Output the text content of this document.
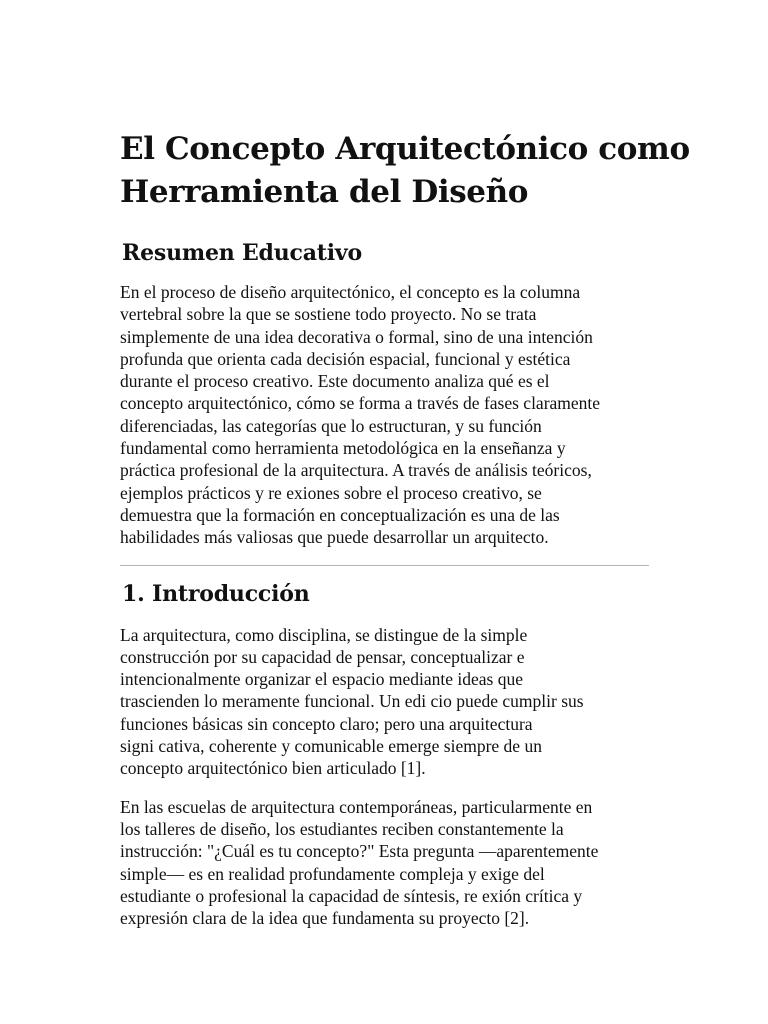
El Concepto Arquitectónico como
Herramienta del Diseño
Resumen Educativo

En el proceso de diseño arquitectónico, el concepto es la columna
vertebral sobre la que se sostiene todo proyecto. No se trata
simplemente de una idea decorativa o formal, sino de una intención
profunda que orienta cada decisión espacial, funcional y estética
durante el proceso creativo. Este documento analiza qué es el
concepto arquitectónico, cómo se forma a través de fases claramente
diferenciadas, las categorías que lo estructuran, y su función
fundamental como herramienta metodológica en la enseñanza y
práctica profesional de la arquitectura. A través de análisis teóricos,
ejemplos prácticos y re exiones sobre el proceso creativo, se
demuestra que la formación en conceptualización es una de las
habilidades más valiosas que puede desarrollar un arquitecto.

1. Introducción

La arquitectura, como disciplina, se distingue de la simple
construcción por su capacidad de pensar, conceptualizar e
intencionalmente organizar el espacio mediante ideas que
trascienden lo meramente funcional. Un edi cio puede cumplir sus
funciones básicas sin concepto claro; pero una arquitectura
signi cativa, coherente y comunicable emerge siempre de un
concepto arquitectónico bien articulado [1].

En las escuelas de arquitectura contemporáneas, particularmente en
los talleres de diseño, los estudiantes reciben constantemente la
instrucción: "¿Cuál es tu concepto?" Esta pregunta —aparentemente
simple— es en realidad profundamente compleja y exige del
estudiante o profesional la capacidad de síntesis, re exión crítica y
expresión clara de la idea que fundamenta su proyecto [2].
